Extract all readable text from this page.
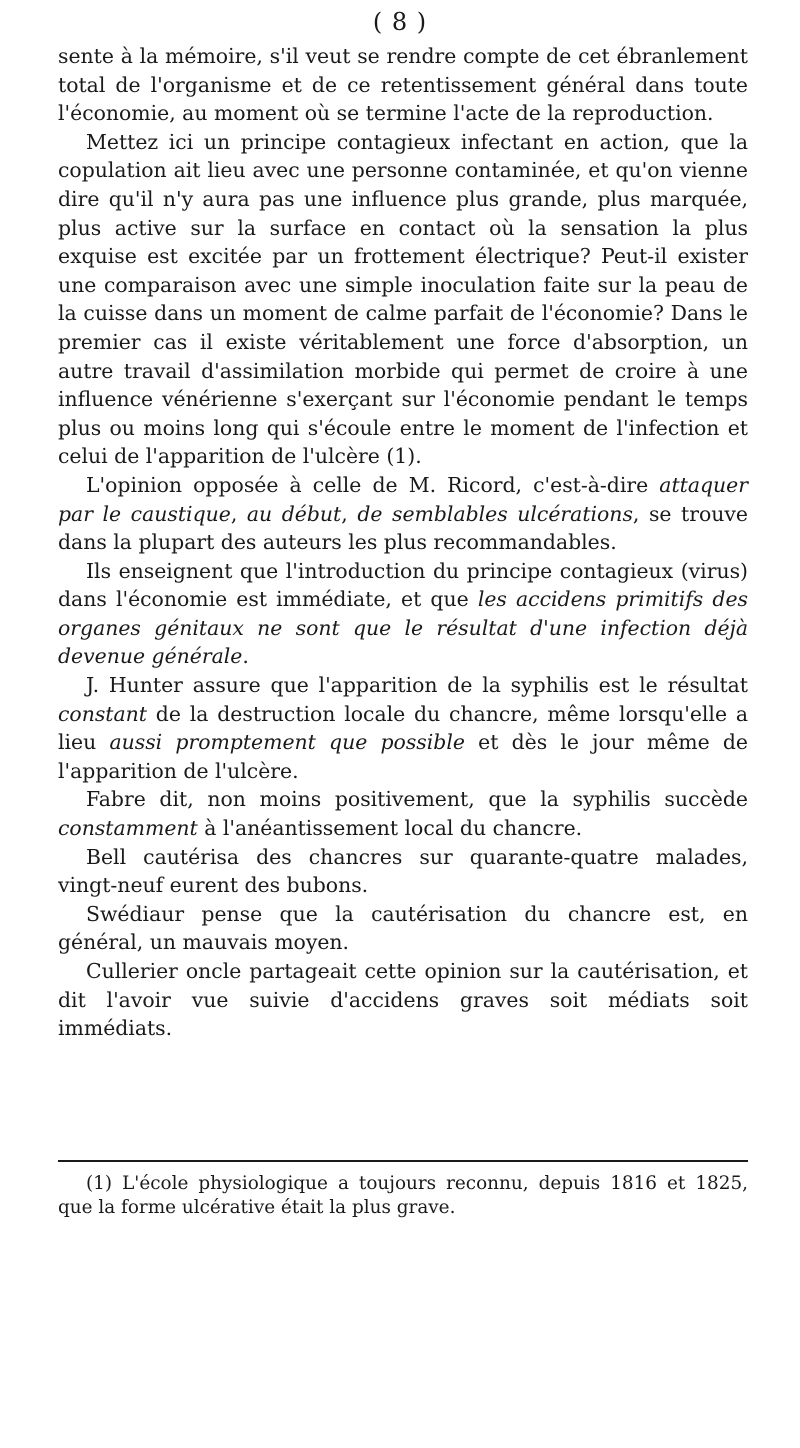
( 8 )

sente à la mémoire, s'il veut se rendre compte de cet ébranlement total de l'organisme et de ce retentissement général dans toute l'économie, au moment où se termine l'acte de la reproduction.

Mettez ici un principe contagieux infectant en action, que la copulation ait lieu avec une personne contaminée, et qu'on vienne dire qu'il n'y aura pas une influence plus grande, plus marquée, plus active sur la surface en contact où la sensation la plus exquise est excitée par un frottement électrique? Peut-il exister une comparaison avec une simple inoculation faite sur la peau de la cuisse dans un moment de calme parfait de l'économie? Dans le premier cas il existe véritablement une force d'absorption, un autre travail d'assimilation morbide qui permet de croire à une influence vénérienne s'exerçant sur l'économie pendant le temps plus ou moins long qui s'écoule entre le moment de l'infection et celui de l'apparition de l'ulcère (1).

L'opinion opposée à celle de M. Ricord, c'est-à-dire attaquer par le caustique, au début, de semblables ulcérations, se trouve dans la plupart des auteurs les plus recommandables.

Ils enseignent que l'introduction du principe contagieux (virus) dans l'économie est immédiate, et que les accidens primitifs des organes génitaux ne sont que le résultat d'une infection déjà devenue générale.

J. Hunter assure que l'apparition de la syphilis est le résultat constant de la destruction locale du chancre, même lorsqu'elle a lieu aussi promptement que possible et dès le jour même de l'apparition de l'ulcère.

Fabre dit, non moins positivement, que la syphilis succède constamment à l'anéantissement local du chancre.

Bell cautérisa des chancres sur quarante-quatre malades, vingt-neuf eurent des bubons.

Swédiaur pense que la cautérisation du chancre est, en général, un mauvais moyen.

Cullerier oncle partageait cette opinion sur la cautérisation, et dit l'avoir vue suivie d'accidens graves soit médiats soit immédiats.

(1) L'école physiologique a toujours reconnu, depuis 1816 et 1825, que la forme ulcérative était la plus grave.
